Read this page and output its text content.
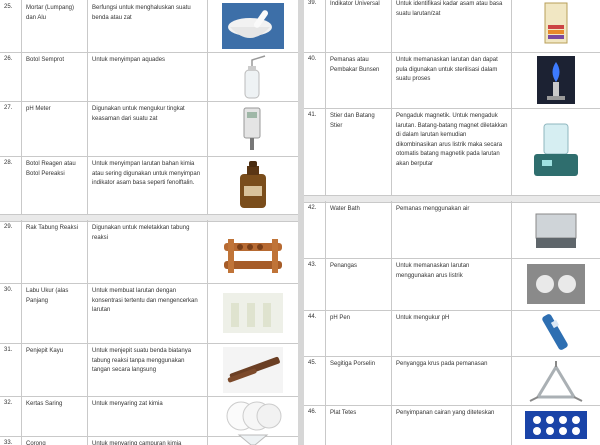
25.	Mortar (Lumpang) dan Alu
Berfungsi untuk menghaluskan suatu benda atau zat
26.	Botol Semprot	Untuk menyimpan aquades
27.	pH Meter	Digunakan untuk mengukur tingkat keasaman dari suatu zat
28.	Botol Reagen atau Botol Pereaksi
Untuk menyimpan larutan bahan kimia atau sering digunakan untuk menyimpan indikator asam basa seperti fenolftalin.
29.	Rak Tabung Reaksi	Digunakan untuk meletakkan tabung reaksi
30.	Labu Ukur (alas Panjang
Untuk membuat larutan dengan konsentrasi tertentu dan mengencerkan larutan
31.	Penjepit Kayu	Untuk menjepit suatu benda biatanya tabung reaksi tanpa menggunakan tangan secara langsung
32.	Kertas Saring	Untuk menyaring zat kimia
33.	Corong	Untuk menyaring campuran kimia
39.	Indikator Universal	Untuk identifikasi kadar asam atau basa suatu larutan/zat
40.	Pemanas atau Pembakar Bunsen
Untuk memanaskan larutan dan dapat pula digunakan untuk sterilisasi dalam suatu proses
41.	Stier dan Batang Stier
Pengaduk magnetik. Untuk mengaduk larutan. Batang-batang magnet diletakkan di dalam larutan kemudian dikombinasikan arus listrik maka secara otomatis batang magnetik pada larutan akan berputar
42.	Water Bath	Pemanas menggunakan air
43.	Penangas	Untuk memanaskan larutan menggunakan arus listrik
44.	pH Pen	Untuk mengukur pH
45.	Segitiga Porselin	Penyangga krus pada pemanasan
46.	Plat Tetes	Penyimpanan cairan yang diteteskan
